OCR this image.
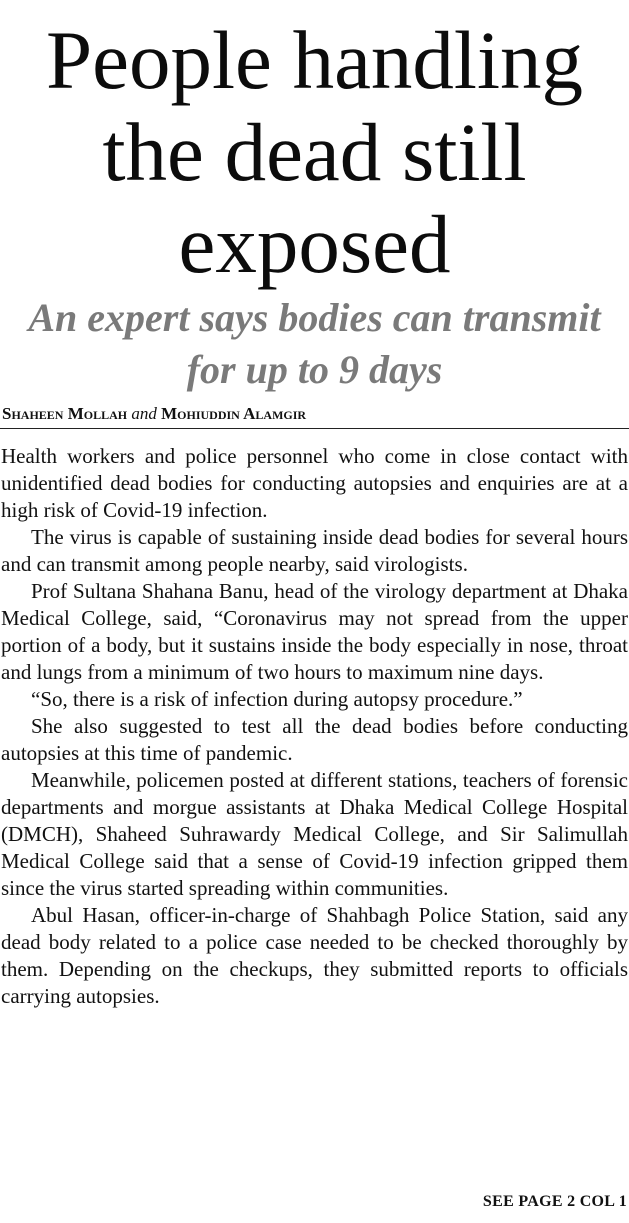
People handling the dead still exposed
An expert says bodies can transmit for up to 9 days
Shaheen Mollah and Mohiuddin Alamgir

Health workers and police personnel who come in close contact with unidentified dead bodies for conducting autopsies and enquiries are at a high risk of Covid-19 infection.

The virus is capable of sustaining inside dead bodies for several hours and can transmit among people nearby, said virologists.

Prof Sultana Shahana Banu, head of the virology department at Dhaka Medical College, said, “Coronavirus may not spread from the upper portion of a body, but it sustains inside the body especially in nose, throat and lungs from a minimum of two hours to maximum nine days.

“So, there is a risk of infection during autopsy procedure.”

She also suggested to test all the dead bodies before conducting autopsies at this time of pandemic.

Meanwhile, policemen posted at different stations, teachers of forensic departments and morgue assistants at Dhaka Medical College Hospital (DMCH), Shaheed Suhrawardy Medical College, and Sir Salimullah Medical College said that a sense of Covid-19 infection gripped them since the virus started spreading within communities.

Abul Hasan, officer-in-charge of Shahbagh Police Station, said any dead body related to a police case needed to be checked thoroughly by them. Depending on the checkups, they submitted reports to officials carrying autopsies.

SEE PAGE 2 COL 1
